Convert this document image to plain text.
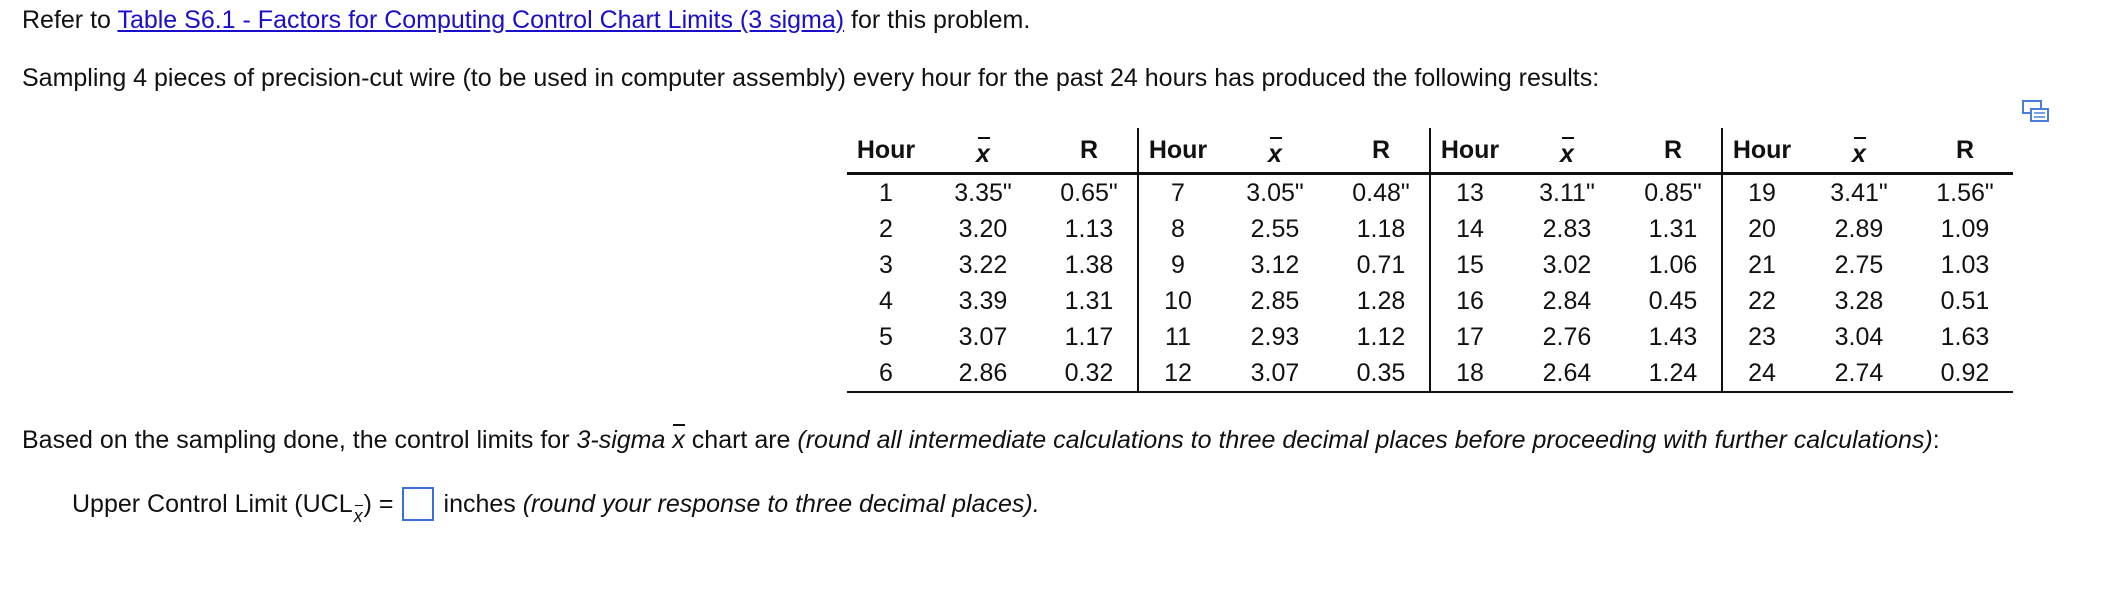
Refer to Table S6.1 - Factors for Computing Control Chart Limits (3 sigma) for this problem.
Sampling 4 pieces of precision-cut wire (to be used in computer assembly) every hour for the past 24 hours has produced the following results:
Hour	x	R	Hour	x	R	Hour	x	R	Hour	x	R
1	3.35"	0.65"	7	3.05"	0.48"	13	3.11"	0.85"	19	3.41"	1.56"
2	3.20	1.13	8	2.55	1.18	14	2.83	1.31	20	2.89	1.09
3	3.22	1.38	9	3.12	0.71	15	3.02	1.06	21	2.75	1.03
4	3.39	1.31	10	2.85	1.28	16	2.84	0.45	22	3.28	0.51
5	3.07	1.17	11	2.93	1.12	17	2.76	1.43	23	3.04	1.63
6	2.86	0.32	12	3.07	0.35	18	2.64	1.24	24	2.74	0.92
Based on the sampling done, the control limits for 3-sigma x chart are (round all intermediate calculations to three decimal places before proceeding with further calculations):
Upper Control Limit (UCL x ) = inches
(round your response to three decimal places).
